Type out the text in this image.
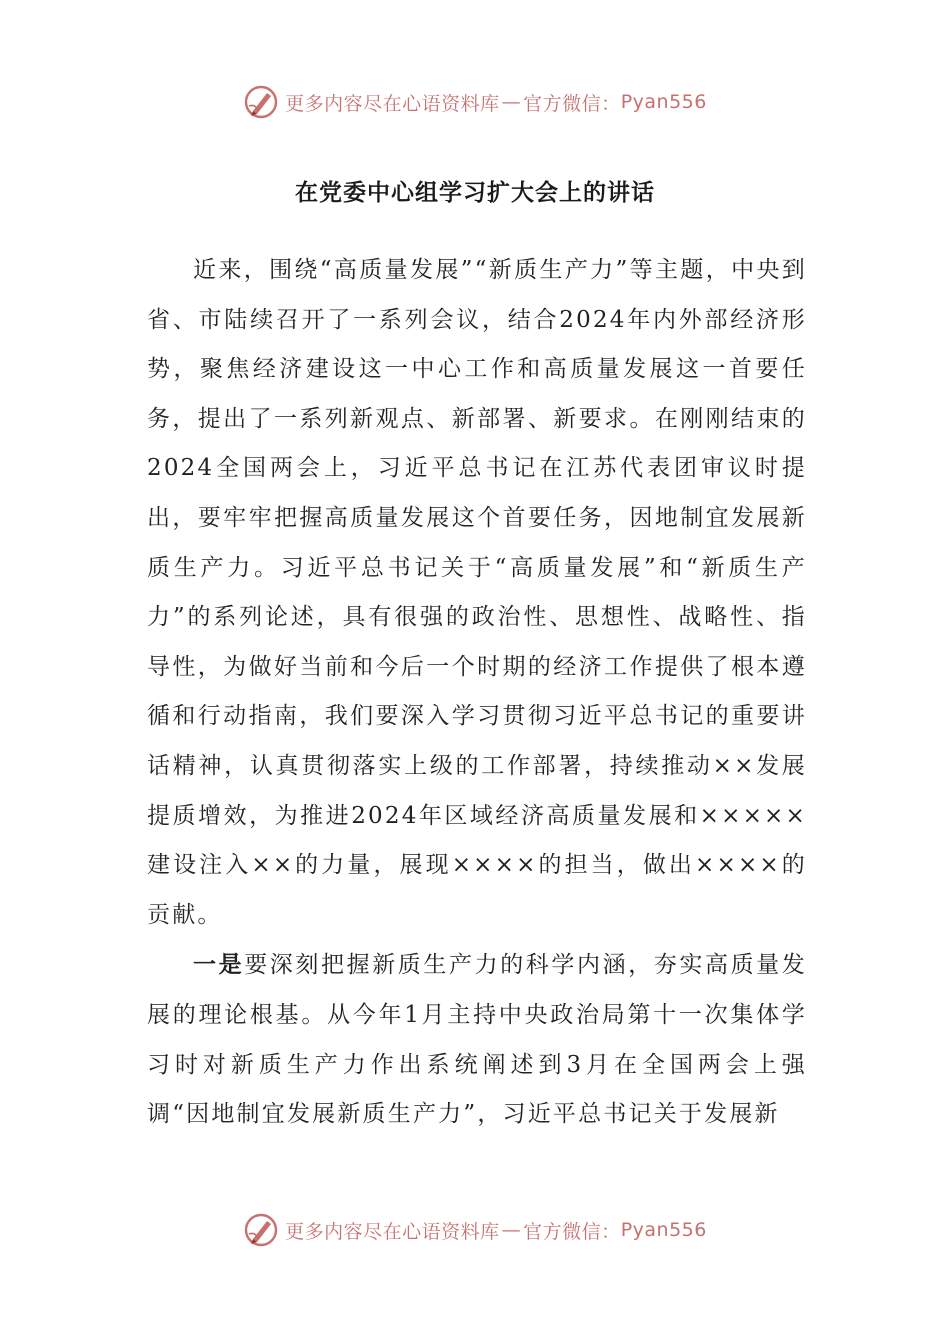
更多内容尽在心语资料库 — 官方微信： Pyan556
在党委中心组学习扩大会上的讲话

近来，围绕“高质量发展”“新质生产力”等主题，中央到省、市陆续召开了一系列会议，结合2024年内外部经济形势，聚焦经济建设这一中心工作和高质量发展这一首要任务，提出了一系列新观点、新部署、新要求。在刚刚结束的2024全国两会上，习近平总书记在江苏代表团审议时提出，要牢牢把握高质量发展这个首要任务，因地制宜发展新质生产力。习近平总书记关于“高质量发展”和“新质生产力”的系列论述，具有很强的政治性、思想性、战略性、指导性，为做好当前和今后一个时期的经济工作提供了根本遵循和行动指南，我们要深入学习贯彻习近平总书记的重要讲话精神，认真贯彻落实上级的工作部署，持续推动××发展提质增效，为推进2024年区域经济高质量发展和×××××建设注入××的力量，展现××××的担当，做出××××的贡献。

一是要深刻把握新质生产力的科学内涵，夯实高质量发展的理论根基。从今年1月主持中央政治局第十一次集体学习时对新质生产力作出系统阐述到3月在全国两会上强调“因地制宜发展新质生产力”，习近平总书记关于发展新

更多内容尽在心语资料库 — 官方微信： Pyan556
